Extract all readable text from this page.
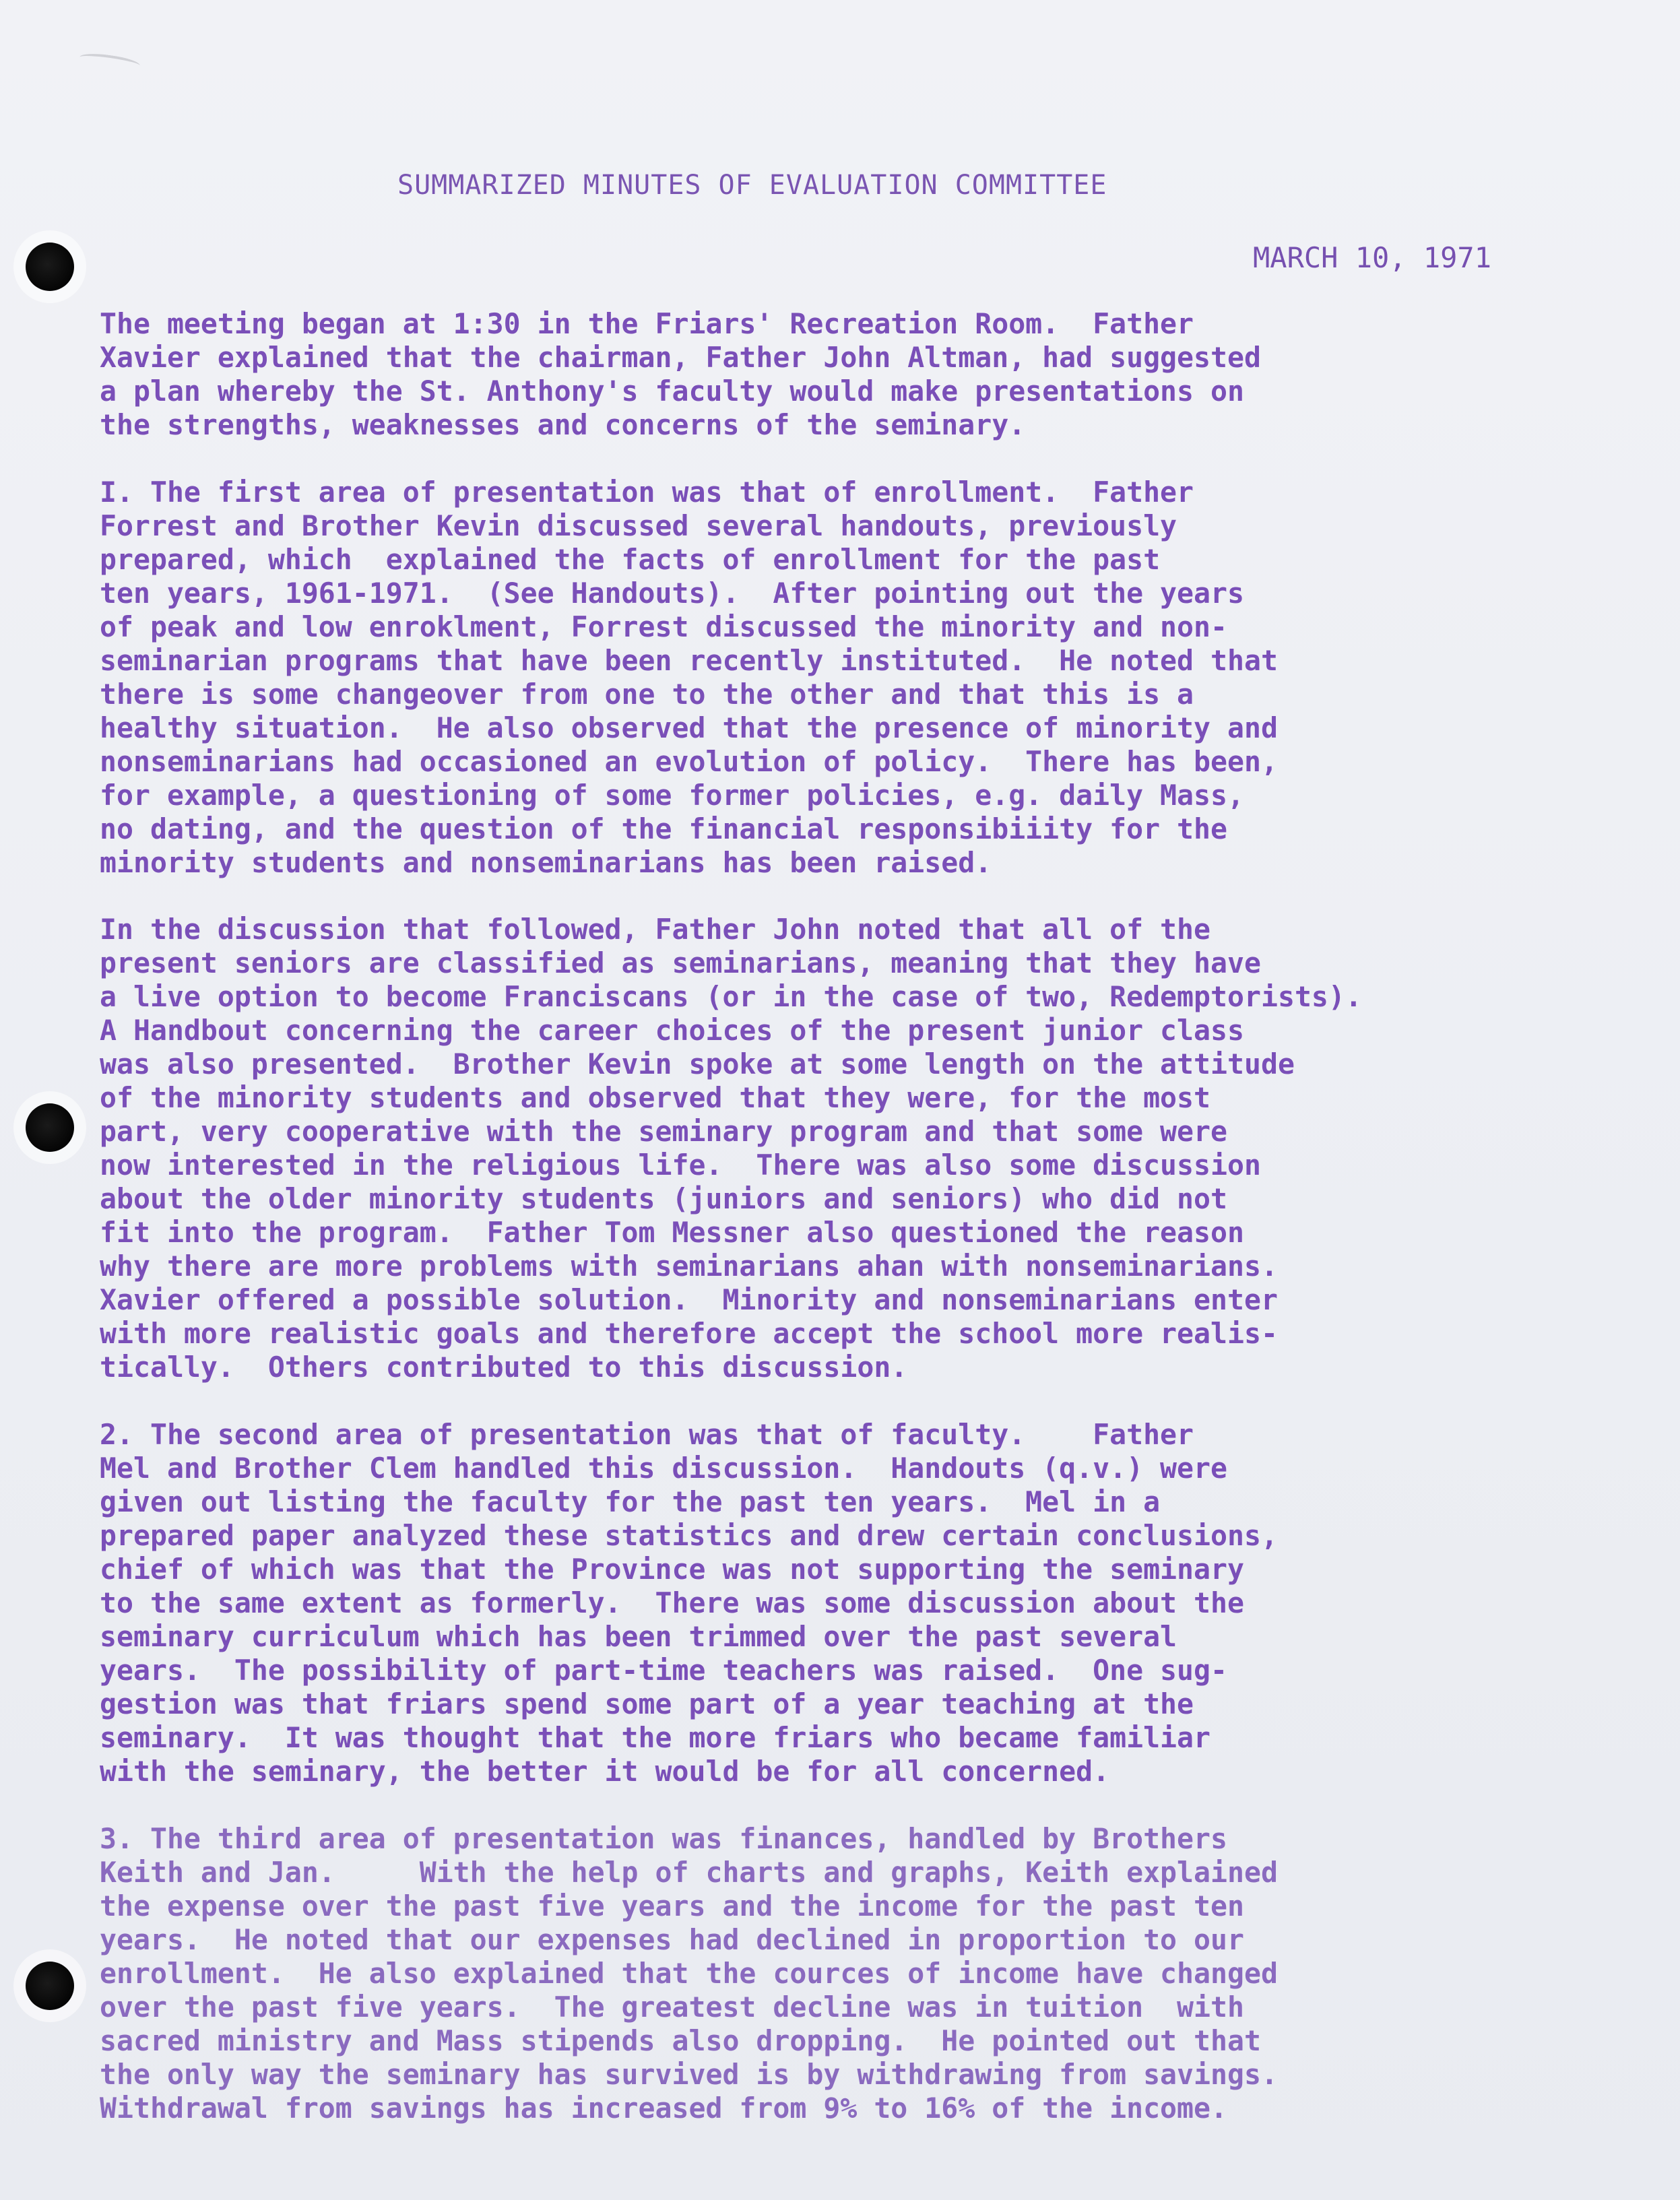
SUMMARIZED MINUTES OF EVALUATION COMMITTEE
MARCH 10, 1971

The meeting began at 1:30 in the Friars' Recreation Room.  Father
Xavier explained that the chairman, Father John Altman, had suggested
a plan whereby the St. Anthony's faculty would make presentations on
the strengths, weaknesses and concerns of the seminary.

I. The first area of presentation was that of enrollment.  Father
Forrest and Brother Kevin discussed several handouts, previously
prepared, which  explained the facts of enrollment for the past
ten years, 1961-1971.  (See Handouts).  After pointing out the years
of peak and low enroklment, Forrest discussed the minority and non-
seminarian programs that have been recently instituted.  He noted that
there is some changeover from one to the other and that this is a
healthy situation.  He also observed that the presence of minority and
nonseminarians had occasioned an evolution of policy.  There has been,
for example, a questioning of some former policies, e.g. daily Mass,
no dating, and the question of the financial responsibiiity for the
minority students and nonseminarians has been raised.

In the discussion that followed, Father John noted that all of the
present seniors are classified as seminarians, meaning that they have
a live option to become Franciscans (or in the case of two, Redemptorists).
A Handbout concerning the career choices of the present junior class
was also presented.  Brother Kevin spoke at some length on the attitude
of the minority students and observed that they were, for the most
part, very cooperative with the seminary program and that some were
now interested in the religious life.  There was also some discussion
about the older minority students (juniors and seniors) who did not
fit into the program.  Father Tom Messner also questioned the reason
why there are more problems with seminarians ahan with nonseminarians.
Xavier offered a possible solution.  Minority and nonseminarians enter
with more realistic goals and therefore accept the school more realis-
tically.  Others contributed to this discussion.

2. The second area of presentation was that of faculty.    Father
Mel and Brother Clem handled this discussion.  Handouts (q.v.) were
given out listing the faculty for the past ten years.  Mel in a
prepared paper analyzed these statistics and drew certain conclusions,
chief of which was that the Province was not supporting the seminary
to the same extent as formerly.  There was some discussion about the
seminary curriculum which has been trimmed over the past several
years.  The possibility of part-time teachers was raised.  One sug-
gestion was that friars spend some part of a year teaching at the
seminary.  It was thought that the more friars who became familiar
with the seminary, the better it would be for all concerned.

3. The third area of presentation was finances, handled by Brothers
Keith and Jan.     With the help of charts and graphs, Keith explained
the expense over the past five years and the income for the past ten
years.  He noted that our expenses had declined in proportion to our
enrollment.  He also explained that the cources of income have changed
over the past five years.  The greatest decline was in tuition  with
sacred ministry and Mass stipends also dropping.  He pointed out that
the only way the seminary has survived is by withdrawing from savings.
Withdrawal from savings has increased from 9% to 16% of the income.
